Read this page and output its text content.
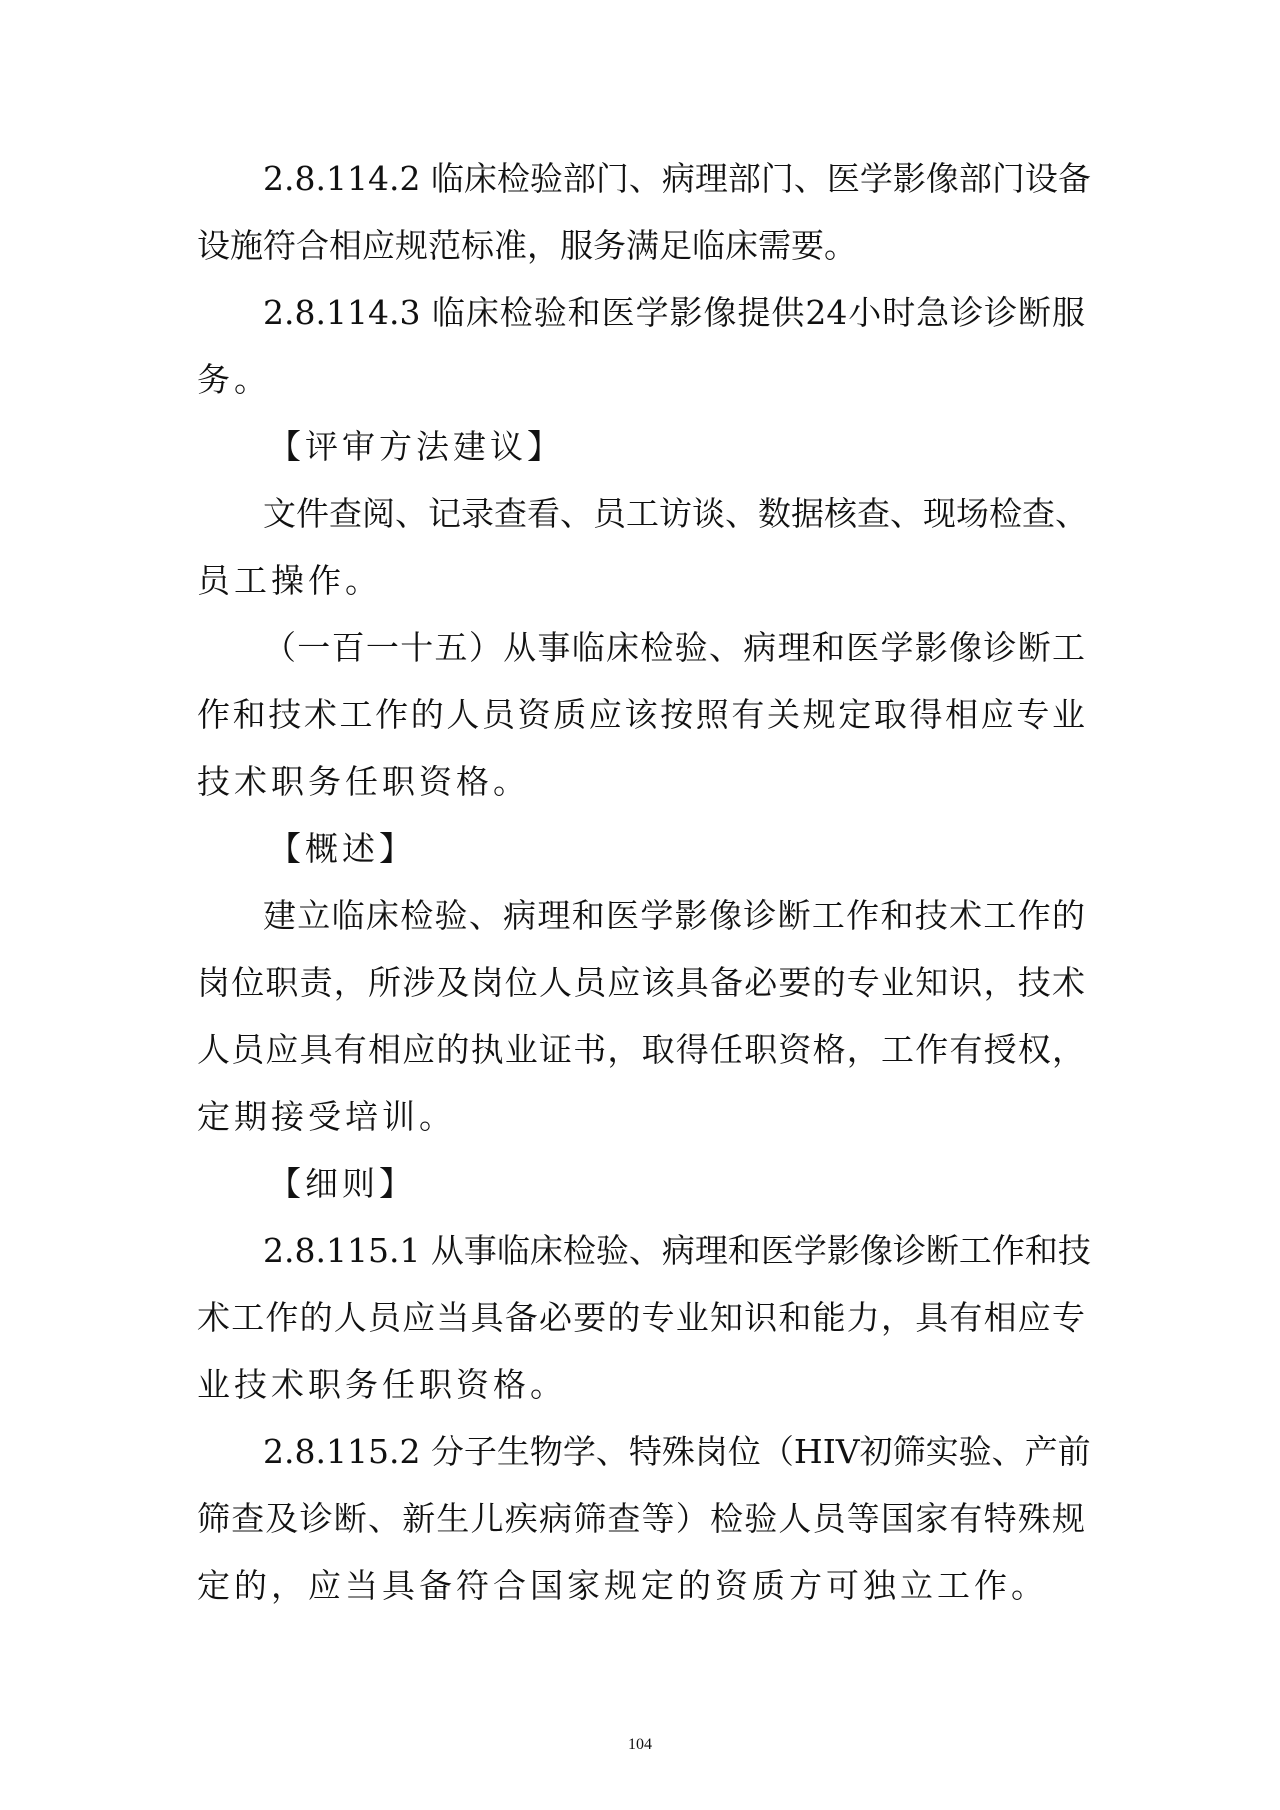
2.8.114.2 临床检验部门、病理部门、医学影像部门设备
设施符合相应规范标准，服务满足临床需要。
2.8.114.3 临床检验和医学影像提供24小时急诊诊断服
务。
【评审方法建议】
文件查阅、记录查看、员工访谈、数据核查、现场检查、
员工操作。
（一百一十五）从事临床检验、病理和医学影像诊断工
作和技术工作的人员资质应该按照有关规定取得相应专业
技术职务任职资格。
【概述】
建立临床检验、病理和医学影像诊断工作和技术工作的
岗位职责，所涉及岗位人员应该具备必要的专业知识，技术
人员应具有相应的执业证书，取得任职资格，工作有授权，
定期接受培训。
【细则】
2.8.115.1 从事临床检验、病理和医学影像诊断工作和技
术工作的人员应当具备必要的专业知识和能力，具有相应专
业技术职务任职资格。
2.8.115.2 分子生物学、特殊岗位（HIV初筛实验、产前
筛查及诊断、新生儿疾病筛查等）检验人员等国家有特殊规
定的，应当具备符合国家规定的资质方可独立工作。
104
